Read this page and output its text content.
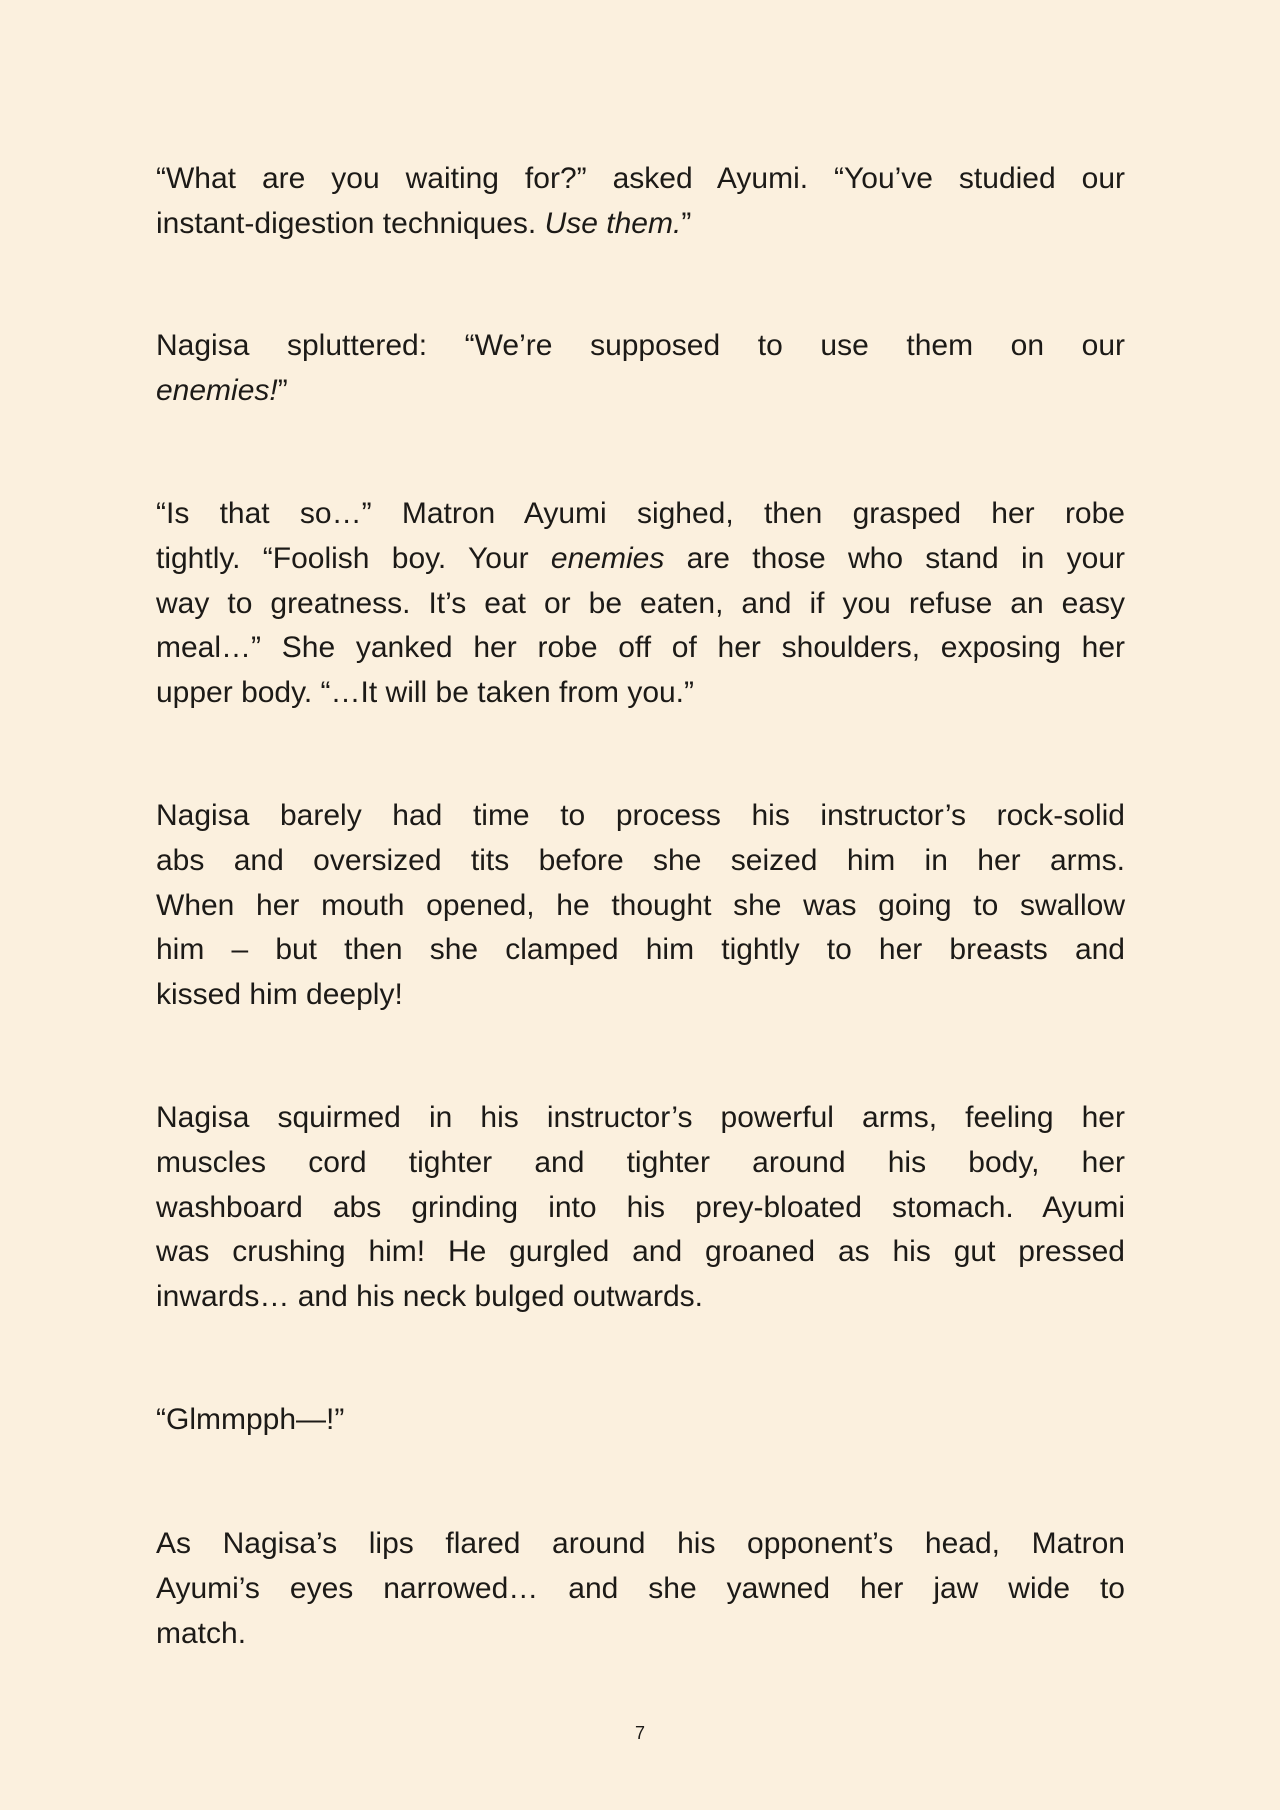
“What are you waiting for?” asked Ayumi. “You’ve studied our
instant-digestion techniques. Use them.”
Nagisa spluttered: “We’re supposed to use them on our
enemies!”
“Is that so…” Matron Ayumi sighed, then grasped her robe
tightly. “Foolish boy. Your enemies are those who stand in your
way to greatness. It’s eat or be eaten, and if you refuse an easy
meal…” She yanked her robe off of her shoulders, exposing her
upper body. “…It will be taken from you.”
Nagisa barely had time to process his instructor’s rock-solid
abs and oversized tits before she seized him in her arms.
When her mouth opened, he thought she was going to swallow
him – but then she clamped him tightly to her breasts and
kissed him deeply!
Nagisa squirmed in his instructor’s powerful arms, feeling her
muscles cord tighter and tighter around his body, her
washboard abs grinding into his prey-bloated stomach. Ayumi
was crushing him! He gurgled and groaned as his gut pressed
inwards… and his neck bulged outwards.
“Glmmpph—!”
As Nagisa’s lips flared around his opponent’s head, Matron
Ayumi’s eyes narrowed… and she yawned her jaw wide to
match.
7
